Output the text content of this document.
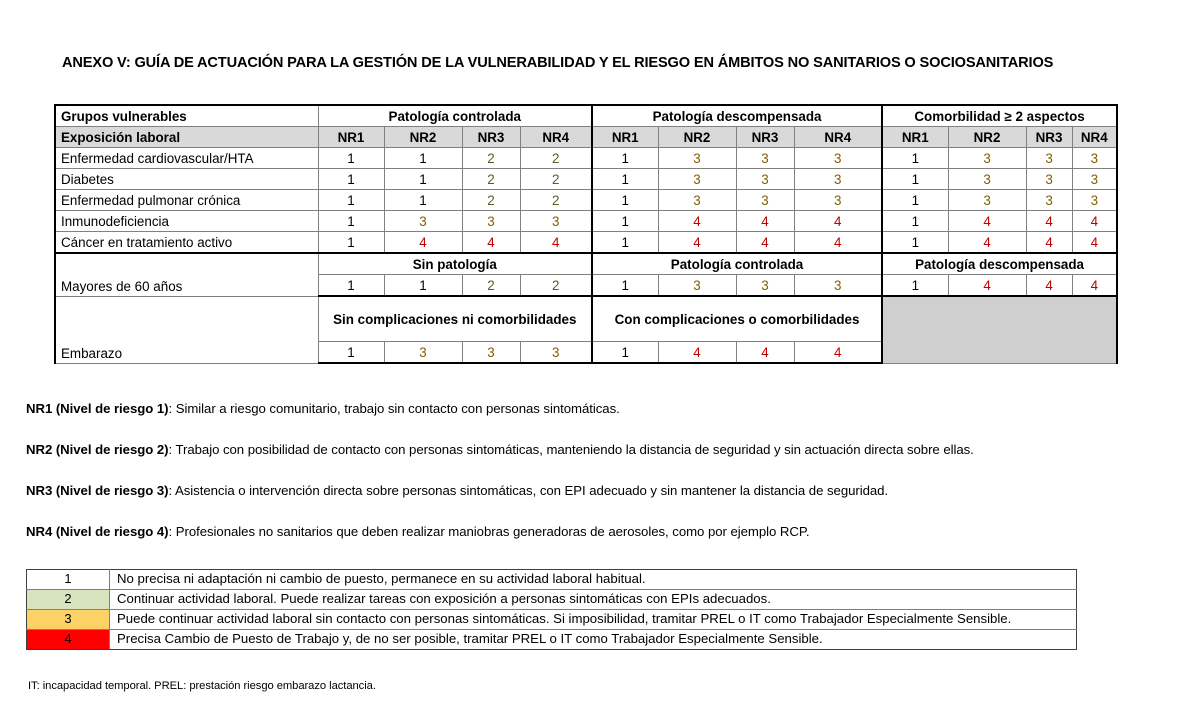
ANEXO V: GUÍA DE ACTUACIÓN PARA LA GESTIÓN DE LA VULNERABILIDAD Y EL RIESGO EN ÁMBITOS NO SANITARIOS O SOCIOSANITARIOS
Grupos vulnerables	Patología controlada				Patología descompensada				Comorbilidad ≥ 2 aspectos			
Exposición laboral	NR1	NR2	NR3	NR4	NR1	NR2	NR3	NR4	NR1	NR2	NR3	NR4
Enfermedad cardiovascular/HTA	1	1	2	2	1	3	3	3	1	3	3	3
Diabetes	1	1	2	2	1	3	3	3	1	3	3	3
Enfermedad pulmonar crónica	1	1	2	2	1	3	3	3	1	3	3	3
Inmunodeficiencia	1	3	3	3	1	4	4	4	1	4	4	4
Cáncer en tratamiento activo	1	4	4	4	1	4	4	4	1	4	4	4
Mayores de 60 años	Sin patología				Patología controlada				Patología descompensada			
	1	1	2	2	1	3	3	3	1	4	4	4
Embarazo	Sin complicaciones ni comorbilidades				Con complicaciones o comorbilidades							
	1	3	3	3	1	4	4	4				

NR1 (Nivel de riesgo 1): Similar a riesgo comunitario, trabajo sin contacto con personas sintomáticas.

NR2 (Nivel de riesgo 2): Trabajo con posibilidad de contacto con personas sintomáticas, manteniendo la distancia de seguridad y sin actuación directa sobre ellas.

NR3 (Nivel de riesgo 3): Asistencia o intervención directa sobre personas sintomáticas, con EPI adecuado y sin mantener la distancia de seguridad.

NR4 (Nivel de riesgo 4): Profesionales no sanitarios que deben realizar maniobras generadoras de aerosoles, como por ejemplo RCP.

1	No precisa ni adaptación ni cambio de puesto, permanece en su actividad laboral habitual.
2	Continuar actividad laboral. Puede realizar tareas con exposición a personas sintomáticas con EPIs adecuados.
3	Puede continuar actividad laboral sin contacto con personas sintomáticas. Si imposibilidad, tramitar PREL o IT como Trabajador Especialmente Sensible.
4	Precisa Cambio de Puesto de Trabajo y, de no ser posible, tramitar PREL o IT como Trabajador Especialmente Sensible.
IT: incapacidad temporal. PREL: prestación riesgo embarazo lactancia.
